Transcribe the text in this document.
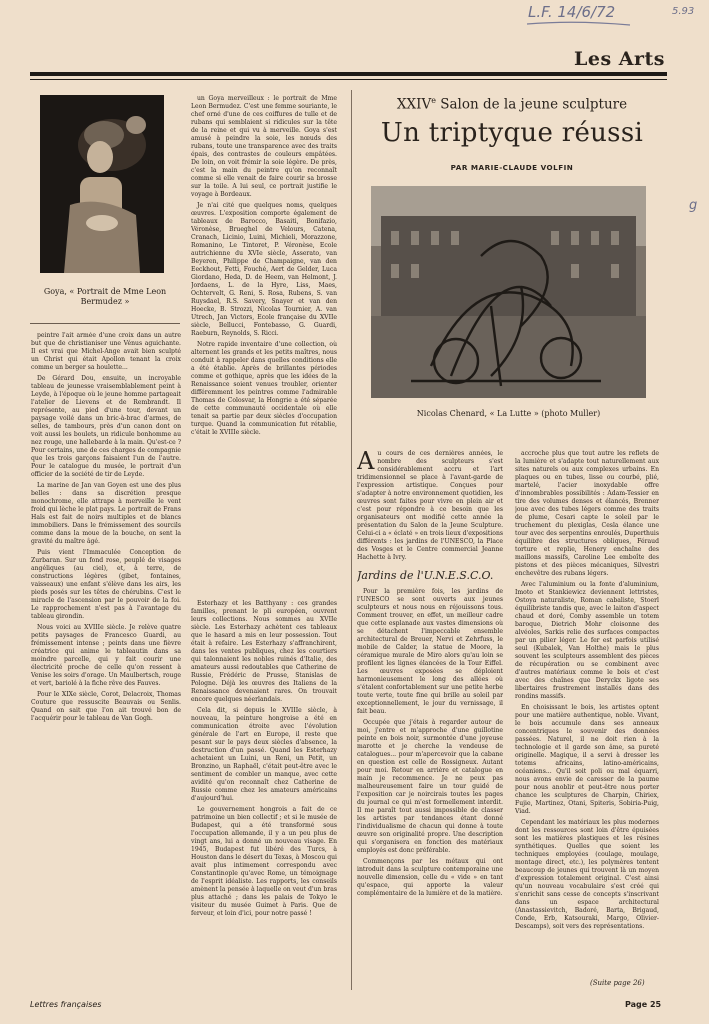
L.F. 14/6/72	5.93
g
Les Arts
Goya, « Portrait de Mme Leon Bermudez »

un Goya merveilleux : le portrait de Mme Leon Bermudez. C'est une femme souriante, le chef orné d'une de ces coiffures de tulle et de rubans qui semblaient si ridicules sur la tête de la reine et qui vu à merveille. Goya s'est amusé à peindre la soie, les nœuds des rubans, toute une transparence avec des traits épais, des contrastes de couleurs empâtées. De loin, on voit frémir la soie légère. De près, c'est la main du peintre qu'on reconnaît comme si elle venait de faire courir sa brosse sur la toile. A lui seul, ce portrait justifie le voyage à Bordeaux.

Je n'ai cité que quelques noms, quelques œuvres. L'exposition comporte également de tableaux de Barocco, Basaiti, Bonifazio, Véronèse, Brueghel de Velours, Catena, Cranach, Licinio, Luini, Michieli, Morazzone, Romanino, Le Tintoret, P. Véronèse, Ecole autrichienne du XVIe siècle, Asserato, van Beyeren, Philippe de Champaigne, van den Eeckhout, Fetti, Fouché, Aert de Gelder, Luca Giordano, Heda, D. de Heem, van Helmont, J. Jordaens, L. de la Hyre, Liss, Maes, Ochtervelt, G. Reni, S. Rosa, Rubens, S. van Ruysdael, R.S. Savery, Snayer et van den Hoecke, B. Strozzi, Nicolas Tournier, A. van Utrech, Jan Victors, Ecole française du XVIIe siècle, Bellucci, Fontebasso, G. Guardi, Raeburn, Reynolds, S. Ricci.

Notre rapide inventaire d'une collection, où alternent les grands et les petits maîtres, nous conduit à rappeler dans quelles conditions elle a été établie. Après de brillantes périodes comme et gothique, après que les idées de la Renaissance soient venues troubler, orienter différemment les peintres comme l'admirable Thomas de Colosvar, la Hongrie a été séparée de cette communauté occidentale où elle tenait sa partie par deux siècles d'occupation turque. Quand la communication fut rétablie, c'était le XVIIIe siècle.

peintre l'ait armée d'une croix dans un autre but que de christianiser une Vénus aguichante. Il est vrai que Michel-Ange avait bien sculpté un Christ qui était Apollon tenant la croix comme un berger sa houlette...

De Gérard Dou, ensuite, un incroyable tableau de jeunesse vraisemblablement peint à Leyde, à l'époque où le jeune homme partageait l'atelier de Lievens et de Rembrandt. Il représente, au pied d'une tour, devant un paysage voilé dans un bric-à-brac d'armes, de selles, de tambours, près d'un canon dont on voit aussi les boulets, un ridicule bonhomme au nez rouge, une hallebarde à la main. Qu'est-ce ? Pour certains, une de ces charges de compagnie que les trois garçons faisaient l'un de l'autre. Pour le catalogue du musée, le portrait d'un officier de la société de tir de Leyde.

La marine de Jan van Goyen est une des plus belles : dans sa discrétion presque monochrome, elle attrape à merveille le vent froid qui lèche le plat pays. Le portrait de Frans Hals est fait de noirs multiples et de blancs immobiliers. Dans le frémissement des sourcils comme dans la moue de la bouche, on sent la gravité du maître âgé.

Puis vient l'Immaculée Conception de Zurbaran. Sur un fond rose, peuplé de visages angéliques (au ciel), et, à terre, de constructions légères (gibet, fontaines, vaisseaux) une enfant s'élève dans les airs, les pieds posés sur les têtes de chérubins. C'est le miracle de l'ascension par le pouvoir de la foi. Le rapprochement n'est pas à l'avantage du tableau girondin.

Nous voici au XVIIIe siècle. Je relève quatre petits paysages de Francesco Guardi, au frémissement intense ; peints dans une fièvre créatrice qui anime le tableautin dans sa moindre parcelle, qui y fait courir une électricité proche de celle qu'on ressent à Venise les soirs d'orage. Un Maulbertsch, rouge et vert, bariolé à la fiche rêve des Fauves.

Pour le XIXe siècle, Corot, Delacroix, Thomas Couture que ressuscite Beauvais ou Senlis. Quand on sait que l'on ait trouvé bon de l'acquérir pour le tableau de Van Gogh.

Esterhazy et les Batthyany : ces grandes familles, prenant le pli européen, ouvrent leurs collections. Nous sommes au XVIIe siècle. Les Esterhazy achètent ces tableaux que le hasard a mis en leur possession. Tout était à refaire. Les Esterhazy s'affranchirent, dans les ventes publiques, chez les courtiers qui talonnaient les nobles ruinés d'Italie, des amateurs aussi redoutables que Catherine de Russie, Frédéric de Prusse, Stanislas de Pologne. Déjà les œuvres des Italiens de la Renaissance devenaient rares. On trouvait encore quelques néerlandais.

Cela dit, si depuis le XVIIIe siècle, à nouveau, la peinture hongroise a été en communication étroite avec l'évolution générale de l'art en Europe, il reste que pesant sur le pays deux siècles d'absence, la destruction d'un passé. Quand les Esterhazy achetaient un Luini, un Reni, un Petit, un Bronzino, un Raphaël, c'était peut-être avec le sentiment de combler un manque, avec cette avidité qu'on reconnaît chez Catherine de Russie comme chez les amateurs américains d'aujourd'hui.

Le gouvernement hongrois a fait de ce patrimoine un bien collectif ; et si le musée de Budapest, qui a été transformé sous l'occupation allemande, il y a un peu plus de vingt ans, lui a donné un nouveau visage. En 1945, Budapest fut libéré des Turcs, à Houston dans le désert du Texas, à Moscou qui avait plus intimement correspondu avec Constantinople qu'avec Rome, un témoignage de l'esprit idéaliste. Les rapports, les conseils amènent la pensée à laquelle on veut d'un bras plus attaché ; dans les palais de Tokyo le visiteur du musée Guimet à Paris. Que de ferveur, et loin d'ici, pour notre passé !

XXIVe Salon de la jeune sculpture
Un triptyque réussi
PAR MARIE-CLAUDE VOLFIN
Nicolas Chenard, « La Lutte » (photo Muller)

Au cours de ces dernières années, le nombre des sculpteurs s'est considérablement accru et l'art tridimensionnel se place à l'avant-garde de l'expression artistique. Conçues pour s'adapter à notre environnement quotidien, les œuvres sont faites pour vivre en plein air et c'est pour répondre à ce besoin que les organisateurs ont modifié cette année la présentation du Salon de la Jeune Sculpture. Celui-ci a « éclaté » en trois lieux d'expositions différents : les jardins de l'UNESCO, la Place des Vosges et le Centre commercial Jeanne Hachette à Ivry.

Jardins de l'U.N.E.S.C.O.

Pour la première fois, les jardins de l'UNESCO se sont ouverts aux jeunes sculpteurs et nous nous en réjouissons tous. Comment trouver, en effet, un meilleur cadre que cette esplanade aux vastes dimensions où se détachent l'impeccable ensemble architectural de Breuer, Nervi et Zehrfuss, le mobile de Calder, la statue de Moore, la céramique murale de Miro alors qu'au loin se profilent les lignes élancées de la Tour Eiffel. Les œuvres exposées se déploient harmonieusement le long des allées où s'étalent confortablement sur une petite herbe toute verte, toute fine qui brille au soleil par exceptionnellement, le jour du vernissage, il fait beau.

Occupée que j'étais à regarder autour de moi, j'entre et m'approche d'une guillotine peinte en bois noir, surmontée d'une joyeuse marotte et je cherche la vendeuse de catalogues... pour m'apercevoir que la cabane en question est celle de Rossigneux. Autant pour moi. Retour en arrière et catalogue en main je recommence. Je ne peux pas malheureusement faire un tour guidé de l'exposition car je noircirais toutes les pages du journal ce qui m'est formellement interdit. Il me paraît tout aussi impossible de classer les artistes par tendances étant donné l'individualisme de chacun qui donne à toute œuvre son originalité propre. Une description qui s'organisera en fonction des matériaux employés est donc préférable.

Commençons par les métaux qui ont introduit dans la sculpture contemporaine une nouvelle dimension, celle du « vide » en tant qu'espace, qui apporte la valeur complémentaire de la lumière et de la matière.

accroche plus que tout autre les reflets de la lumière et s'adapte tout naturellement aux sites naturels ou aux complexes urbains. En plaques ou en tubes, lisse ou courbé, plié, martelé, l'acier inoxydable offre d'innombrables possibilités : Adam-Tessier en tire des volumes denses et élancés, Brenner joue avec des tubes légers comme des traits de plume, Cesari capte le soleil par le truchement du plexiglas, Cesla élance une tour avec des serpentins enroulés, Duperthuis équilibre des structures obliques, Féraud torture et replie, Henery enchaîne des maillons massifs, Caroline Lee emboîte des pistons et des pièces mécaniques, Silvestri enchevêtre des rubans légers.

Avec l'aluminium ou la fonte d'aluminium, Imoto et Stankiewicz deviennent lettristes, Ostoya naturaliste, Roman cabaliste, Stoerl équilibriste tandis que, avec le laiton d'aspect chaud et doré, Comby assemble un totem baroque, Dietrich Mohr cloisonne des alvéoles, Sarkis relie des surfaces compactes par un pilier léger. Le fer est parfois utilisé seul (Kubalek, Van Holthe) mais le plus souvent les sculpteurs assemblent des pièces de récupération ou se combinent avec d'autres matériaux comme le bois et c'est avec des chaînes que Deryckx ligote ses libertaires frustrement installés dans des rondins massifs.

En choisissant le bois, les artistes optent pour une matière authentique, noble. Vivant, le bois accumule dans ses anneaux concentriques le souvenir des données passées. Naturel, il ne doit rien à la technologie et il garde son âme, sa pureté originelle. Magique, il a servi à dresser les totems africains, latino-américains, océaniens... Qu'il soit poli ou mal équarri, nous avons envie de caresser de la paume pour nous anoblir et peut-être nous porter chance les sculptures de Charpin, Chiriex, Fujie, Martinez, Otani, Spiteris, Sobiria-Puig, Viad.

Cependant les matériaux les plus modernes dont les ressources sont loin d'être épuisées sont les matières plastiques et les résines synthétiques. Quelles que soient les techniques employées (coulage, moulage, montage direct, etc.), les polymères tentent beaucoup de jeunes qui trouvent là un moyen d'expression totalement original. C'est ainsi qu'un nouveau vocabulaire s'est créé qui s'enrichit sans cesse de concepts s'inscrivant dans un espace architectural (Anastassievitch, Badoré, Barta, Brigaud, Conde, Erb, Katsouraki, Margo, Olivier-Descamps), soit vers des représentations.

(Suite page 26)
Lettres françaises	Page 25
